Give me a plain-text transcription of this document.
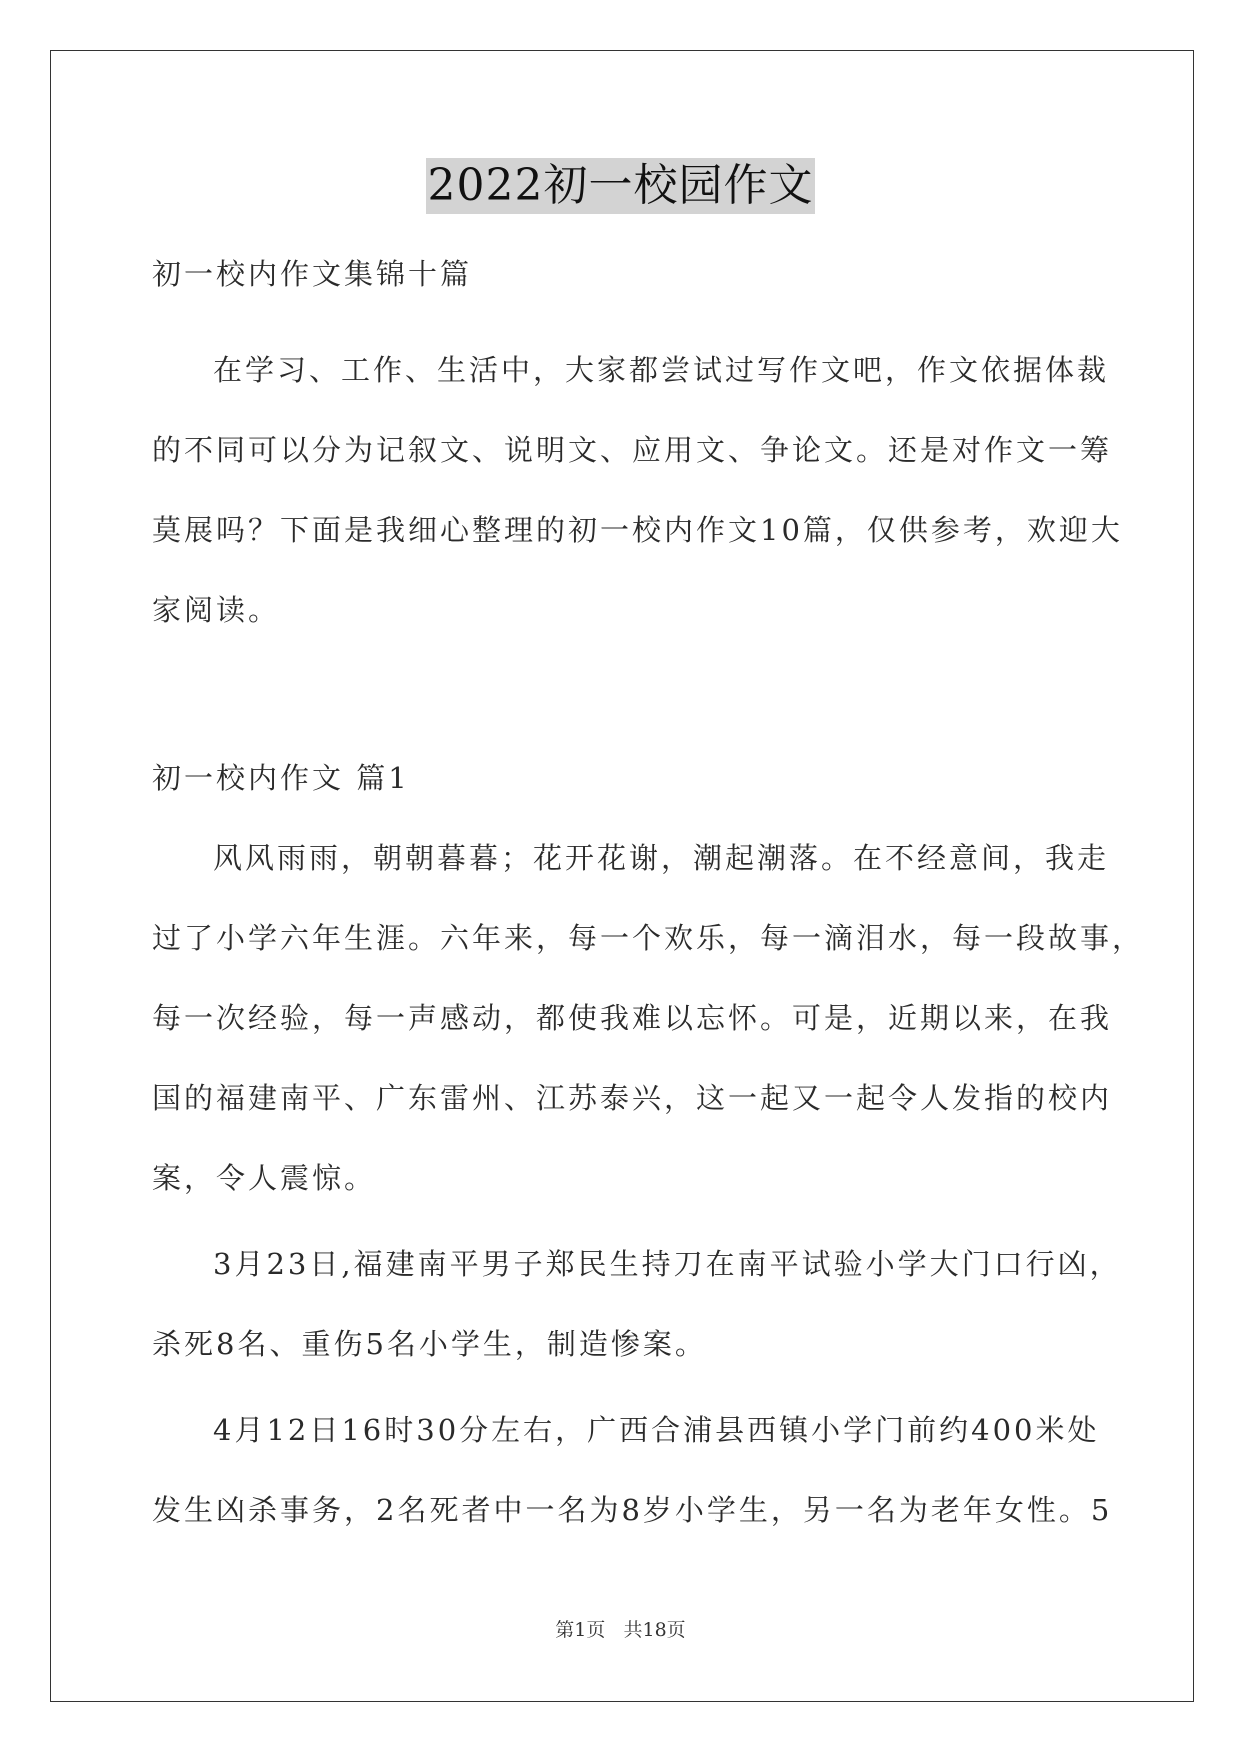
2022初一校园作文
初一校内作文集锦十篇
在学习、工作、生活中，大家都尝试过写作文吧，作文依据体裁
的不同可以分为记叙文、说明文、应用文、争论文。还是对作文一筹
莫展吗？下面是我细心整理的初一校内作文10篇，仅供参考，欢迎大
家阅读。
初一校内作文 篇1
风风雨雨，朝朝暮暮；花开花谢，潮起潮落。在不经意间，我走
过了小学六年生涯。六年来，每一个欢乐，每一滴泪水，每一段故事，
每一次经验，每一声感动，都使我难以忘怀。可是，近期以来，在我
国的福建南平、广东雷州、江苏泰兴，这一起又一起令人发指的校内
案，令人震惊。
3月23日,福建南平男子郑民生持刀在南平试验小学大门口行凶，
杀死8名、重伤5名小学生，制造惨案。
4月12日16时30分左右，广西合浦县西镇小学门前约400米处
发生凶杀事务，2名死者中一名为8岁小学生，另一名为老年女性。5
第1页   共18页
